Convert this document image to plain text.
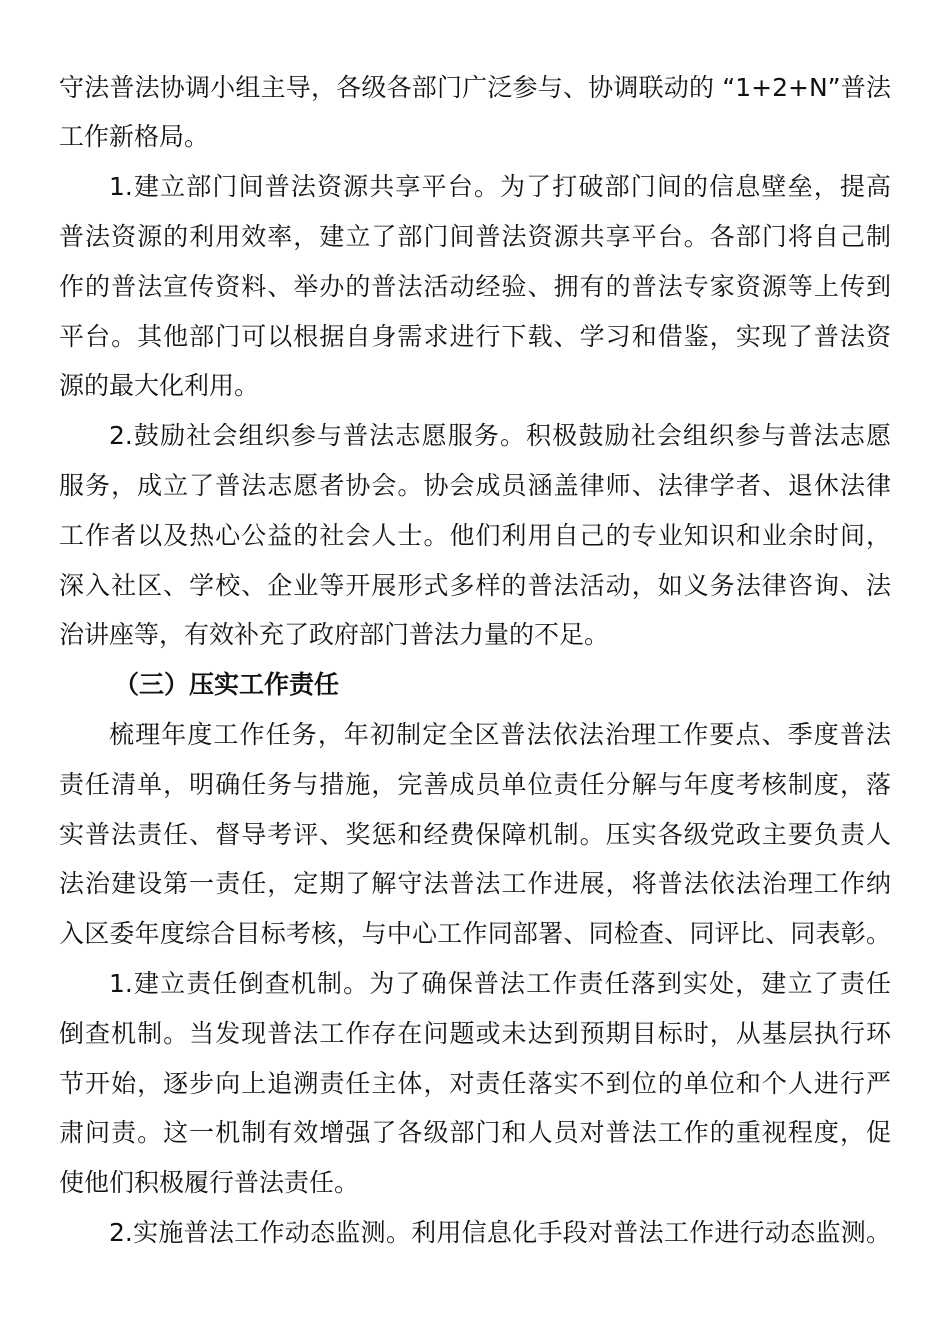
守法普法协调小组主导，各级各部门广泛参与、协调联动的 “1+2+N”普法
工作新格局。
1.建立部门间普法资源共享平台。为了打破部门间的信息壁垒，提高
普法资源的利用效率，建立了部门间普法资源共享平台。各部门将自己制
作的普法宣传资料、举办的普法活动经验、拥有的普法专家资源等上传到
平台。其他部门可以根据自身需求进行下载、学习和借鉴，实现了普法资
源的最大化利用。
2.鼓励社会组织参与普法志愿服务。积极鼓励社会组织参与普法志愿
服务，成立了普法志愿者协会。协会成员涵盖律师、法律学者、退休法律
工作者以及热心公益的社会人士。他们利用自己的专业知识和业余时间，
深入社区、学校、企业等开展形式多样的普法活动，如义务法律咨询、法
治讲座等，有效补充了政府部门普法力量的不足。
（三）压实工作责任
梳理年度工作任务，年初制定全区普法依法治理工作要点、季度普法
责任清单，明确任务与措施，完善成员单位责任分解与年度考核制度，落
实普法责任、督导考评、奖惩和经费保障机制。压实各级党政主要负责人
法治建设第一责任，定期了解守法普法工作进展，将普法依法治理工作纳
入区委年度综合目标考核，与中心工作同部署、同检查、同评比、同表彰。
1.建立责任倒查机制。为了确保普法工作责任落到实处，建立了责任
倒查机制。当发现普法工作存在问题或未达到预期目标时，从基层执行环
节开始，逐步向上追溯责任主体，对责任落实不到位的单位和个人进行严
肃问责。这一机制有效增强了各级部门和人员对普法工作的重视程度，促
使他们积极履行普法责任。
2.实施普法工作动态监测。利用信息化手段对普法工作进行动态监测。
